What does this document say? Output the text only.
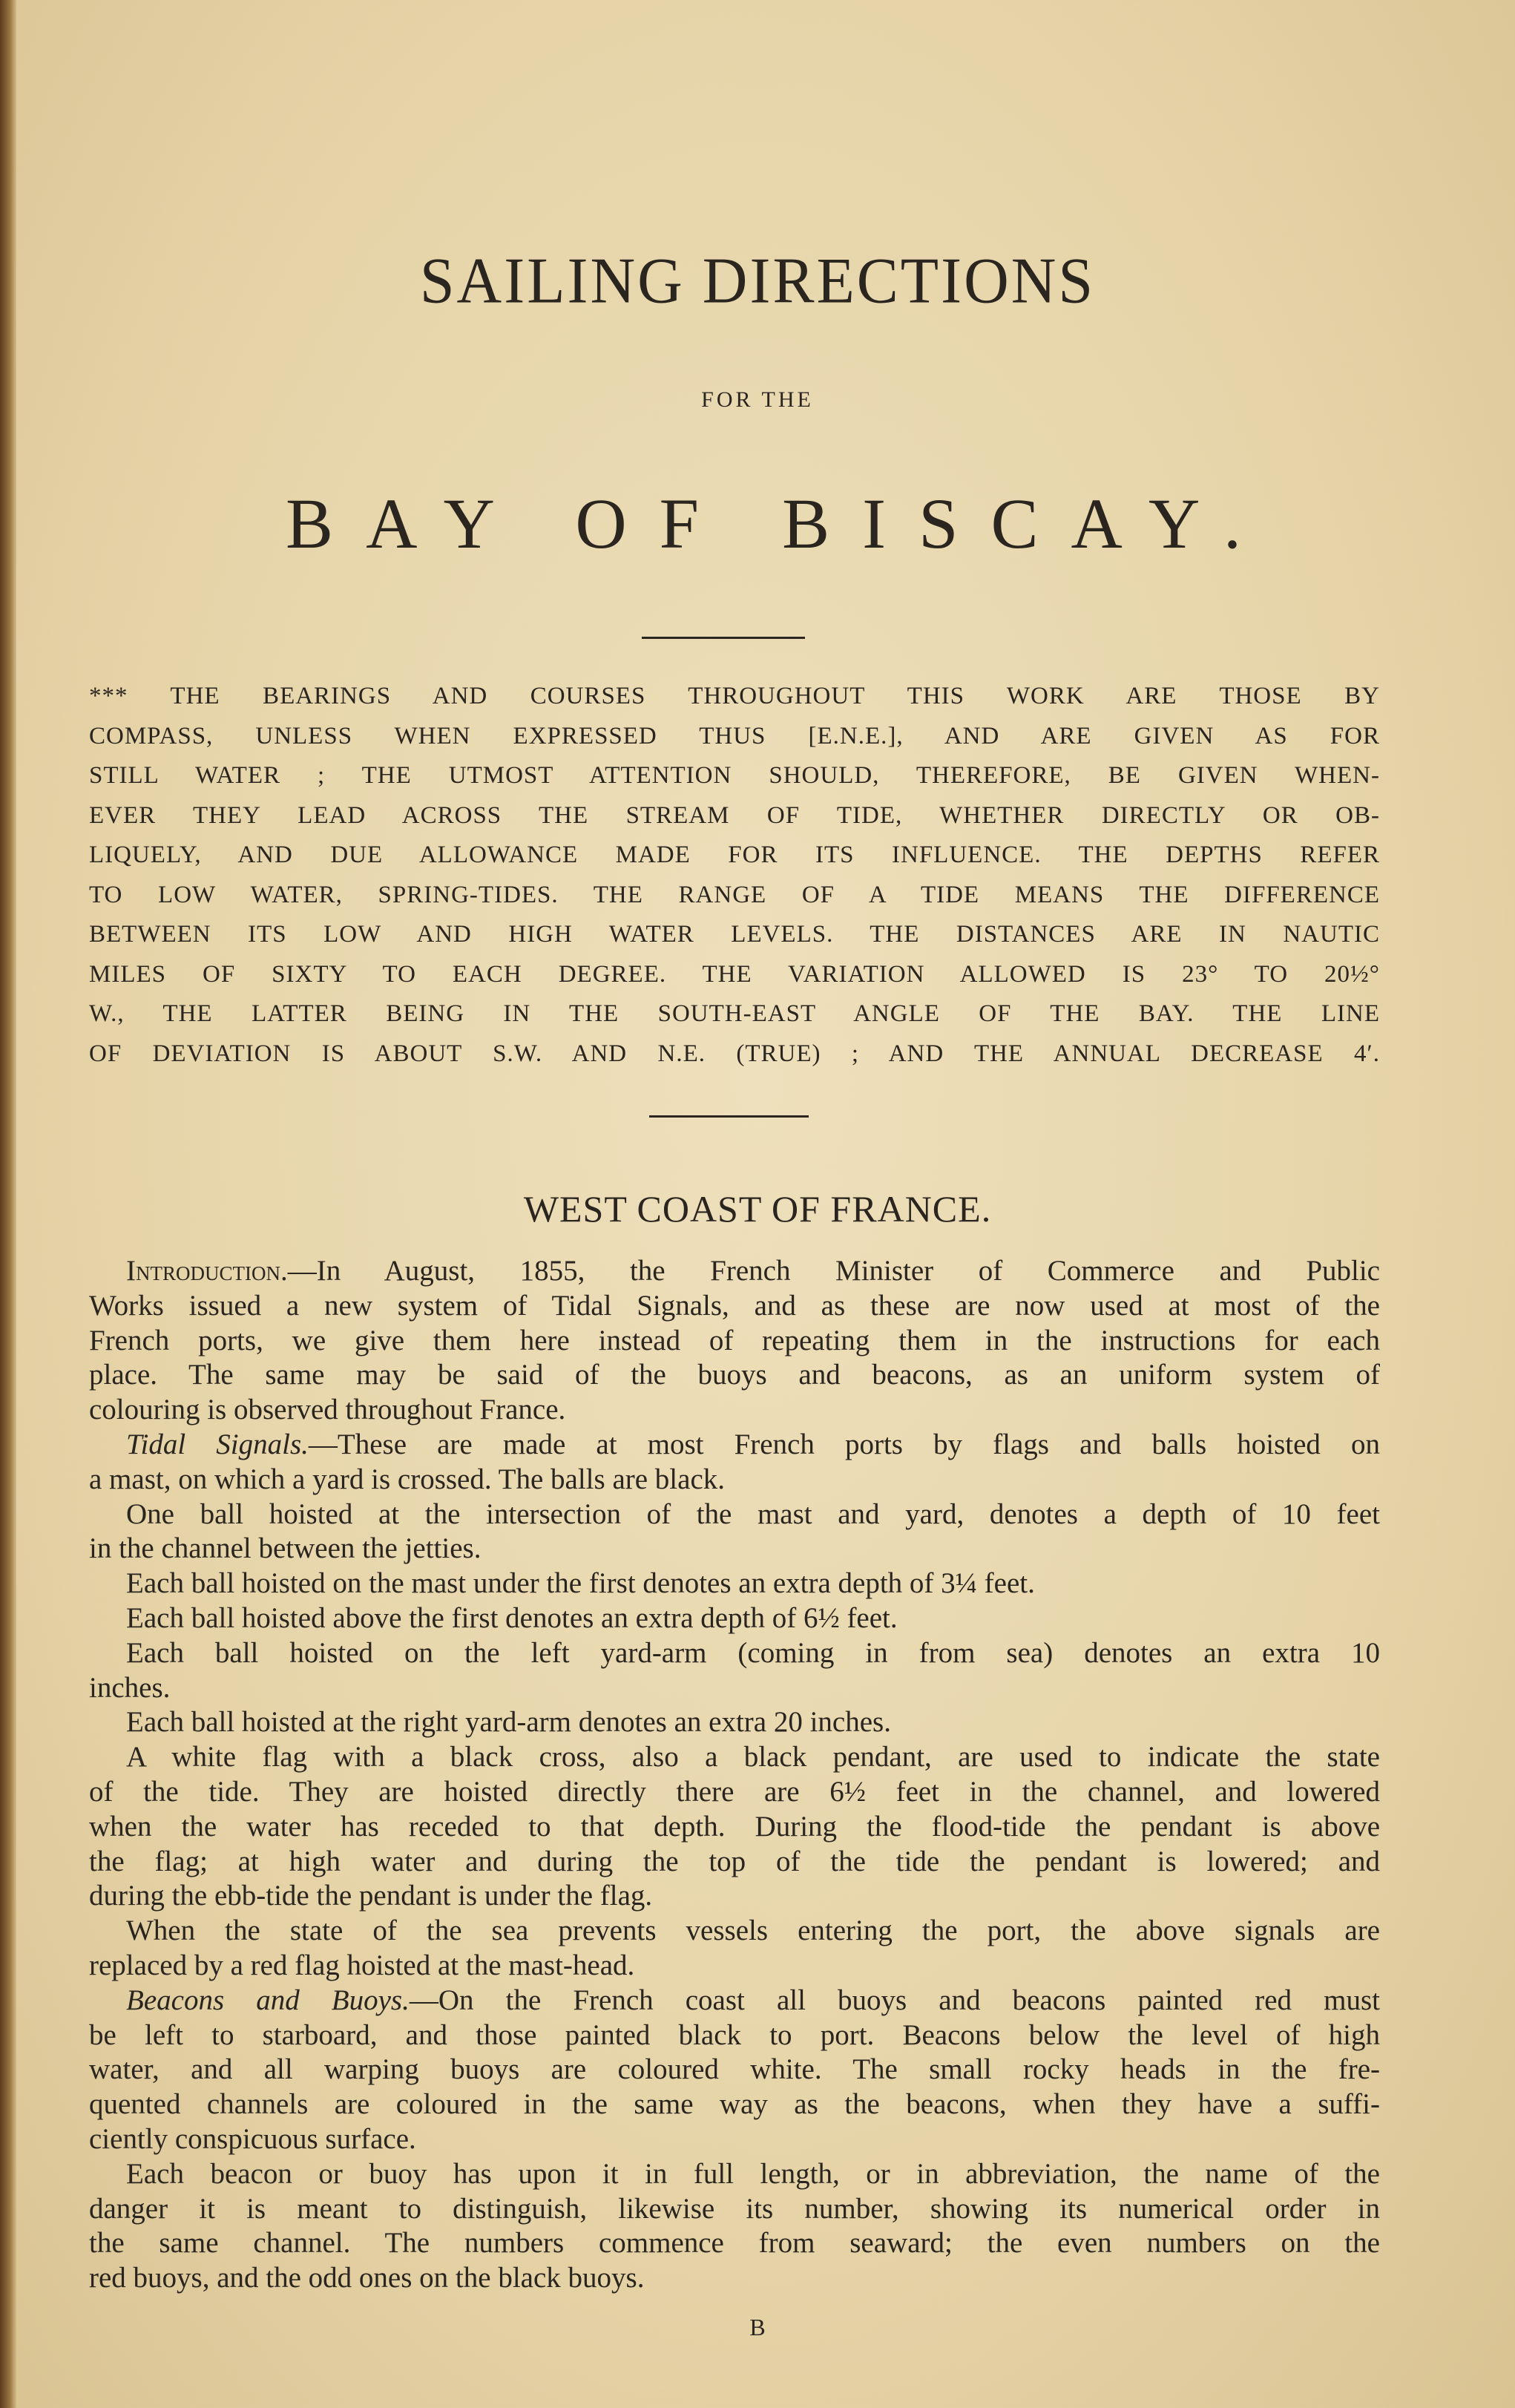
SAILING DIRECTIONS
FOR THE
BAY OF BISCAY.
*** THE BEARINGS AND COURSES THROUGHOUT THIS WORK ARE THOSE BY
COMPASS, UNLESS WHEN EXPRESSED THUS [E.N.E.], AND ARE GIVEN AS FOR
STILL WATER ; THE UTMOST ATTENTION SHOULD, THEREFORE, BE GIVEN WHEN-
EVER THEY LEAD ACROSS THE STREAM OF TIDE, WHETHER DIRECTLY OR OB-
LIQUELY, AND DUE ALLOWANCE MADE FOR ITS INFLUENCE. THE DEPTHS REFER
TO LOW WATER, SPRING-TIDES. THE RANGE OF A TIDE MEANS THE DIFFERENCE
BETWEEN ITS LOW AND HIGH WATER LEVELS. THE DISTANCES ARE IN NAUTIC
MILES OF SIXTY TO EACH DEGREE. THE VARIATION ALLOWED IS 23° TO 20½°
W., THE LATTER BEING IN THE SOUTH-EAST ANGLE OF THE BAY. THE LINE
OF DEVIATION IS ABOUT S.W. AND N.E. (TRUE) ; AND THE ANNUAL DECREASE 4′.
WEST COAST OF FRANCE.
Introduction.—In August, 1855, the French Minister of Commerce and Public
Works issued a new system of Tidal Signals, and as these are now used at most of the
French ports, we give them here instead of repeating them in the instructions for each
place. The same may be said of the buoys and beacons, as an uniform system of
colouring is observed throughout France.
Tidal Signals.—These are made at most French ports by flags and balls hoisted on
a mast, on which a yard is crossed. The balls are black.
One ball hoisted at the intersection of the mast and yard, denotes a depth of 10 feet
in the channel between the jetties.
Each ball hoisted on the mast under the first denotes an extra depth of 3¼ feet.
Each ball hoisted above the first denotes an extra depth of 6½ feet.
Each ball hoisted on the left yard-arm (coming in from sea) denotes an extra 10
inches.
Each ball hoisted at the right yard-arm denotes an extra 20 inches.
A white flag with a black cross, also a black pendant, are used to indicate the state
of the tide. They are hoisted directly there are 6½ feet in the channel, and lowered
when the water has receded to that depth. During the flood-tide the pendant is above
the flag; at high water and during the top of the tide the pendant is lowered; and
during the ebb-tide the pendant is under the flag.
When the state of the sea prevents vessels entering the port, the above signals are
replaced by a red flag hoisted at the mast-head.
Beacons and Buoys.—On the French coast all buoys and beacons painted red must
be left to starboard, and those painted black to port. Beacons below the level of high
water, and all warping buoys are coloured white. The small rocky heads in the fre-
quented channels are coloured in the same way as the beacons, when they have a suffi-
ciently conspicuous surface.
Each beacon or buoy has upon it in full length, or in abbreviation, the name of the
danger it is meant to distinguish, likewise its number, showing its numerical order in
the same channel. The numbers commence from seaward; the even numbers on the
red buoys, and the odd ones on the black buoys.
B
